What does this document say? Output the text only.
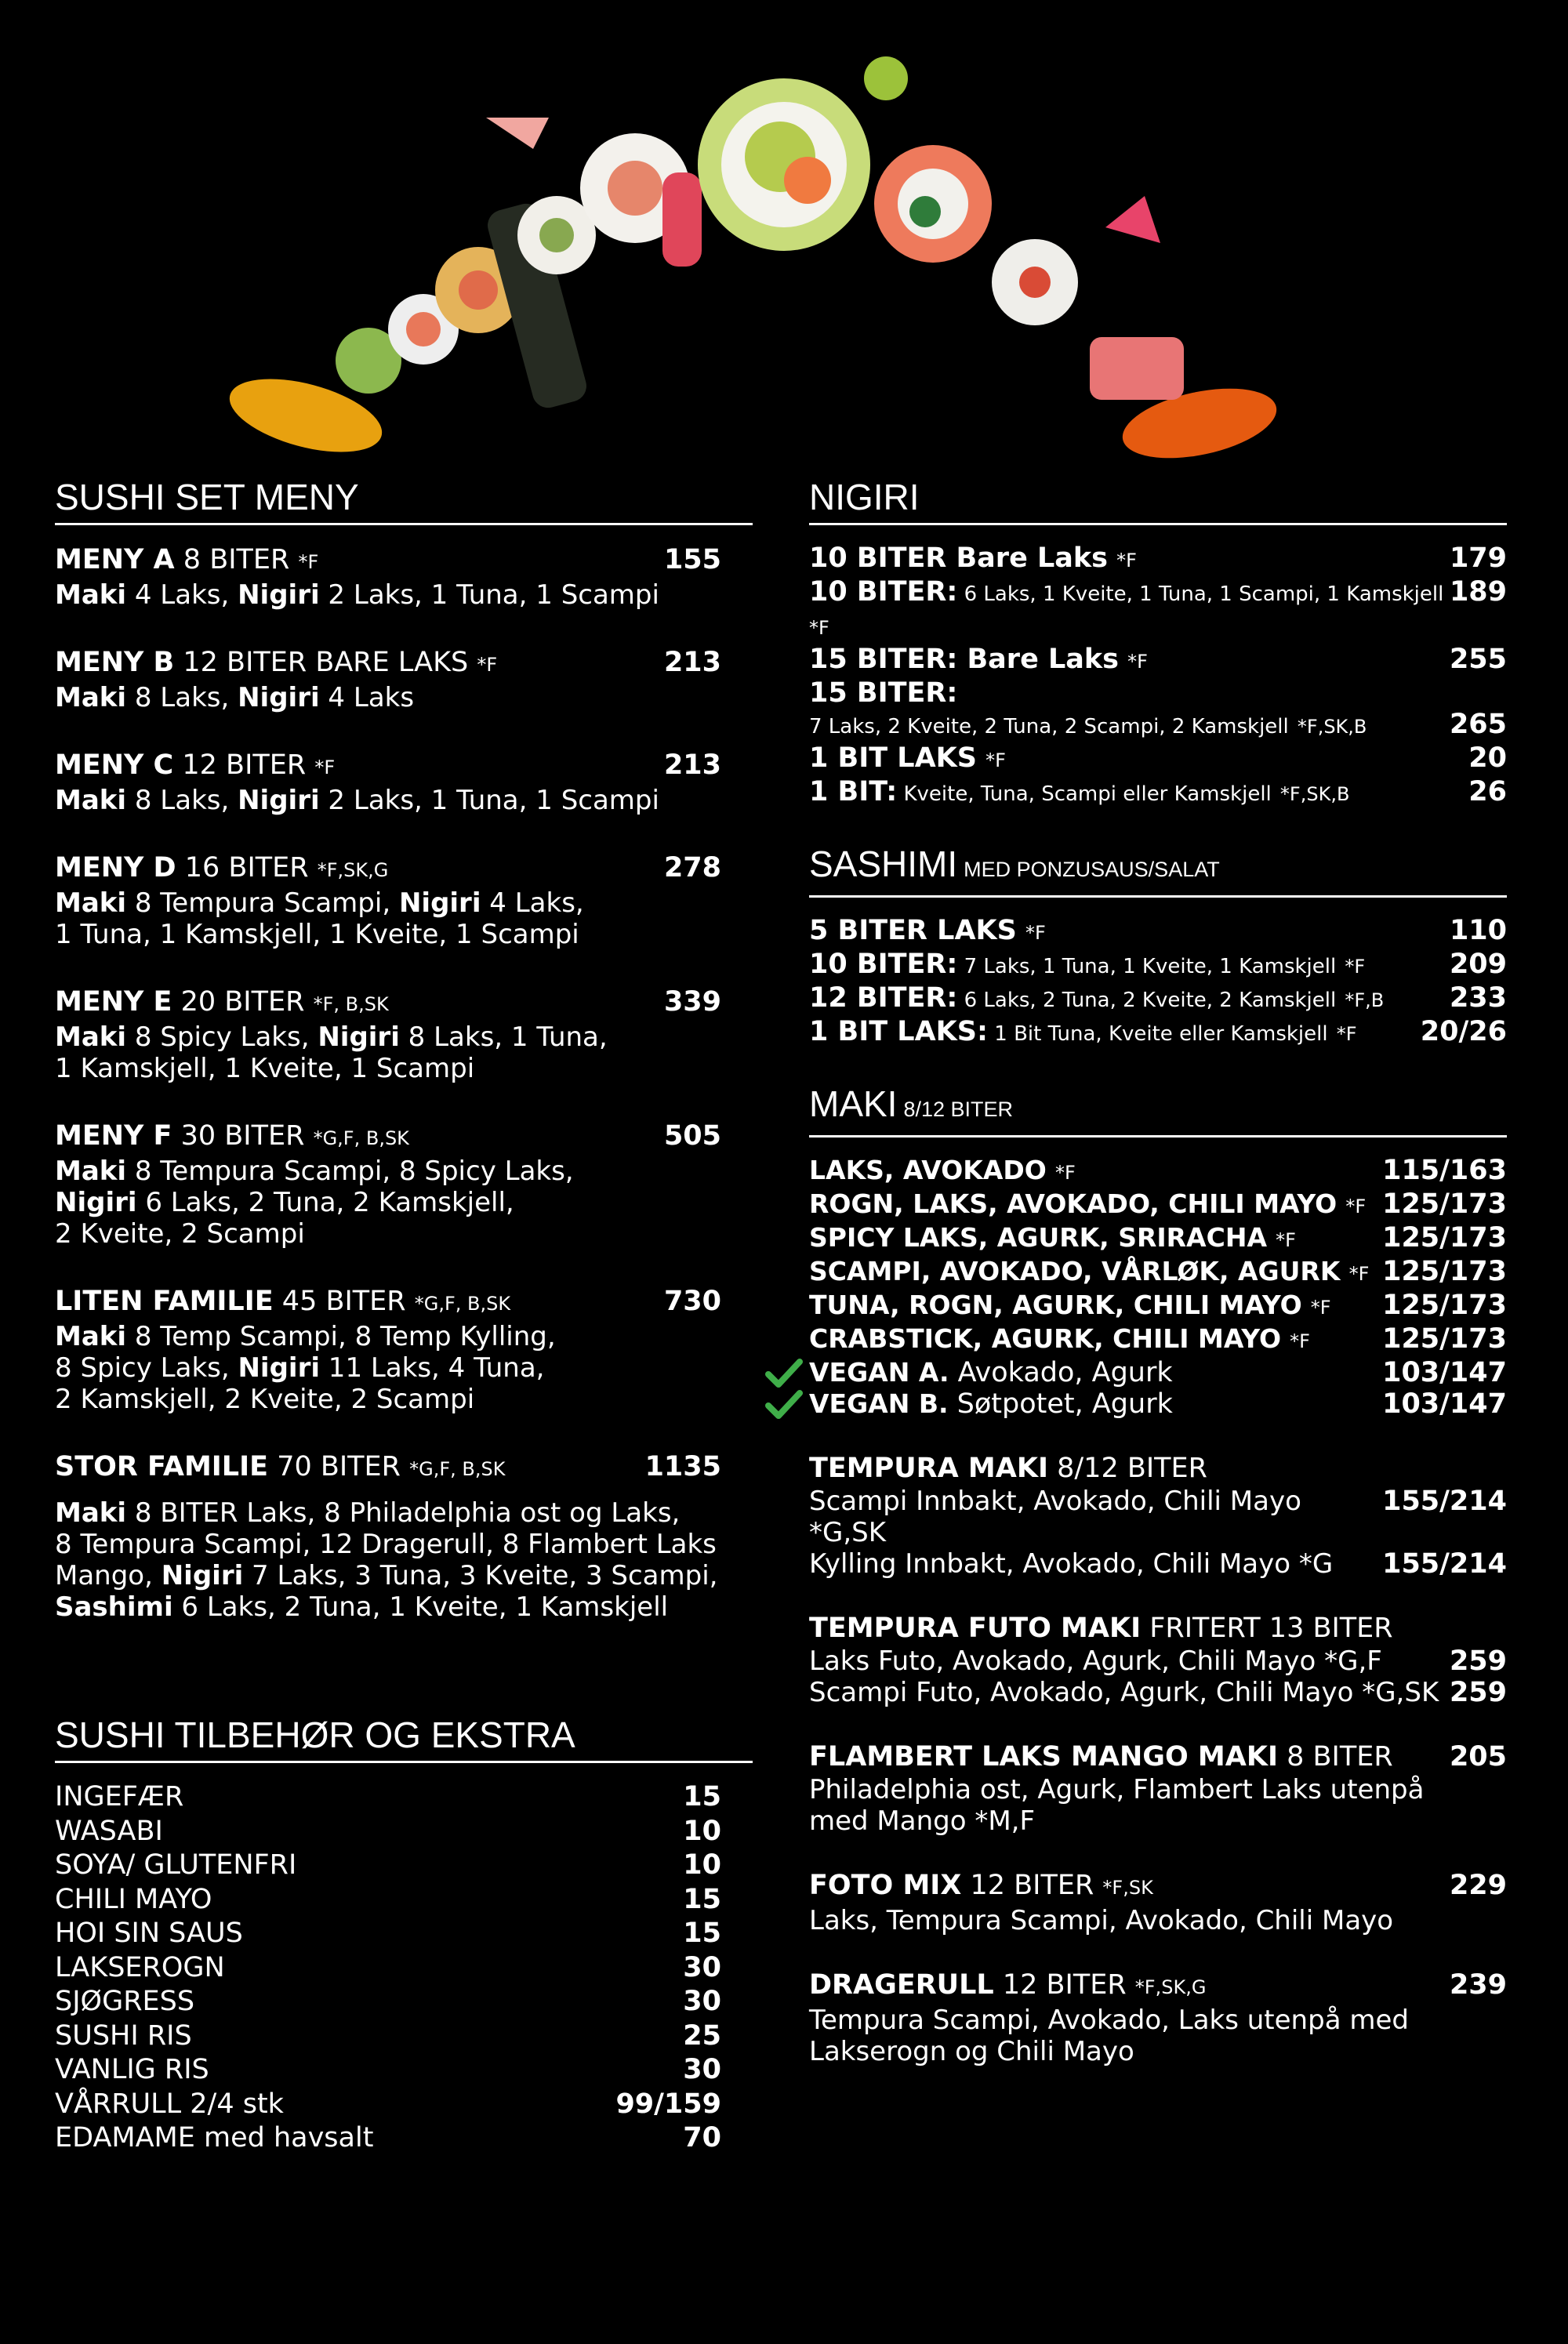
SUSHI SET MENY
MENY A 8 BITER *F	155
Maki 4 Laks, Nigiri 2 Laks, 1 Tuna, 1 Scampi
MENY B 12 BITER BARE LAKS *F	213
Maki 8 Laks, Nigiri 4 Laks
MENY C 12 BITER *F	213
Maki 8 Laks, Nigiri 2 Laks, 1 Tuna, 1 Scampi
MENY D 16 BITER *F,SK,G	278
Maki 8 Tempura Scampi, Nigiri 4 Laks,
1 Tuna, 1 Kamskjell, 1 Kveite, 1 Scampi
MENY E 20 BITER *F, B,SK	339
Maki 8 Spicy Laks, Nigiri 8 Laks, 1 Tuna,
1 Kamskjell, 1 Kveite, 1 Scampi
MENY F 30 BITER *G,F, B,SK	505
Maki 8 Tempura Scampi, 8 Spicy Laks,
Nigiri 6 Laks, 2 Tuna, 2 Kamskjell,
2 Kveite, 2 Scampi
LITEN FAMILIE 45 BITER *G,F, B,SK	730
Maki 8 Temp Scampi, 8 Temp Kylling,
8 Spicy Laks, Nigiri 11 Laks, 4 Tuna,
2 Kamskjell, 2 Kveite, 2 Scampi
STOR FAMILIE 70 BITER *G,F, B,SK	1135
Maki 8 BITER Laks, 8 Philadelphia ost og Laks,
8 Tempura Scampi, 12 Dragerull, 8 Flambert Laks
Mango, Nigiri 7 Laks, 3 Tuna, 3 Kveite, 3 Scampi,
Sashimi 6 Laks, 2 Tuna, 1 Kveite, 1 Kamskjell
SUSHI TILBEHØR OG EKSTRA
INGEFÆR	15
WASABI	10
SOYA/ GLUTENFRI	10
CHILI MAYO	15
HOI SIN SAUS	15
LAKSEROGN	30
SJØGRESS	30
SUSHI RIS	25
VANLIG RIS	30
VÅRRULL 2/4 stk	99/159
EDAMAME med havsalt	70
NIGIRI
10 BITER Bare Laks *F	179
10 BITER: 6 Laks, 1 Kveite, 1 Tuna, 1 Scampi, 1 Kamskjell *F
189
15 BITER: Bare Laks *F	255
15 BITER:
7 Laks, 2 Kveite, 2 Tuna, 2 Scampi, 2 Kamskjell *F,SK,B	265
1 BIT LAKS *F	20
1 BIT: Kveite, Tuna, Scampi eller Kamskjell *F,SK,B	26
SASHIMI MED PONZUSAUS/SALAT
5 BITER LAKS *F	110
10 BITER: 7 Laks, 1 Tuna, 1 Kveite, 1 Kamskjell *F	209
12 BITER: 6 Laks, 2 Tuna, 2 Kveite, 2 Kamskjell *F,B 233
1 BIT LAKS: 1 Bit Tuna, Kveite eller Kamskjell *F 20/26
MAKI 8/12 BITER
LAKS, AVOKADO *F	115/163
ROGN, LAKS, AVOKADO, CHILI MAYO *F 125/173
SPICY LAKS, AGURK, SRIRACHA *F	125/173
SCAMPI, AVOKADO, VÅRLØK, AGURK *F 125/173
TUNA, ROGN, AGURK, CHILI MAYO *F 125/173
CRABSTICK, AGURK, CHILI MAYO *F	125/173
VEGAN A. Avokado, Agurk	103/147
VEGAN B. Søtpotet, Agurk	103/147
TEMPURA MAKI 8/12 BITER
Scampi Innbakt, Avokado, Chili Mayo *G,SK
155/214
Kylling Innbakt, Avokado, Chili Mayo *G 155/214
TEMPURA FUTO MAKI FRITERT 13 BITER
Laks Futo, Avokado, Agurk, Chili Mayo *G,F 259
Scampi Futo, Avokado, Agurk, Chili Mayo *G,SK 259
FLAMBERT LAKS MANGO MAKI 8 BITER 205
Philadelphia ost, Agurk, Flambert Laks utenpå
med Mango *M,F
FOTO MIX 12 BITER *F,SK	229
Laks, Tempura Scampi, Avokado, Chili Mayo
DRAGERULL 12 BITER *F,SK,G	239
Tempura Scampi, Avokado, Laks utenpå med
Lakserogn og Chili Mayo
